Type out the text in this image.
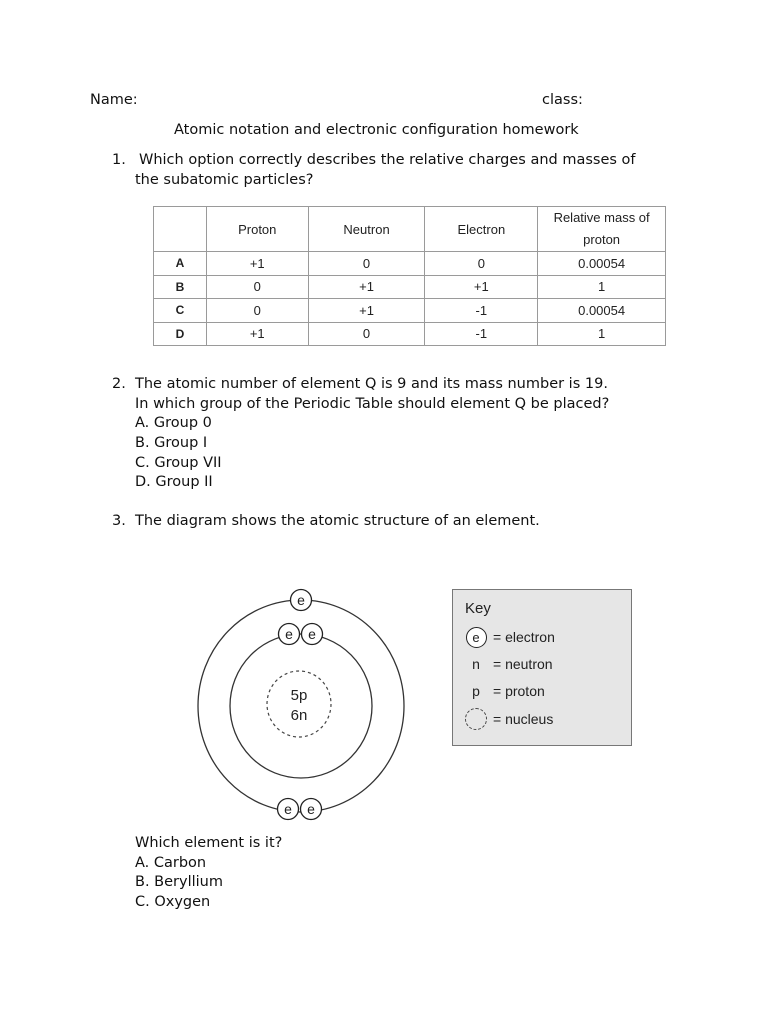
Name:	class:
Atomic notation and electronic configuration homework
1. Which option correctly describes the relative charges and masses of
the subatomic particles?
	Proton	Neutron	Electron	Relative mass of
proton

A	+1	0	0	0.00054
B	0	+1	+1	1
C	0	+1	-1	0.00054
D	+1	0	-1	1
2. The atomic number of element Q is 9 and its mass number is 19.
In which group of the Periodic Table should element Q be placed?
A. Group 0
B. Group I
C. Group VII
D. Group II
3. The diagram shows the atomic structure of an element.
5p
6n
e
e e
e e
Key
e = electron
n = neutron
p = proton
= nucleus
Which element is it?
A. Carbon
B. Beryllium
C. Oxygen
